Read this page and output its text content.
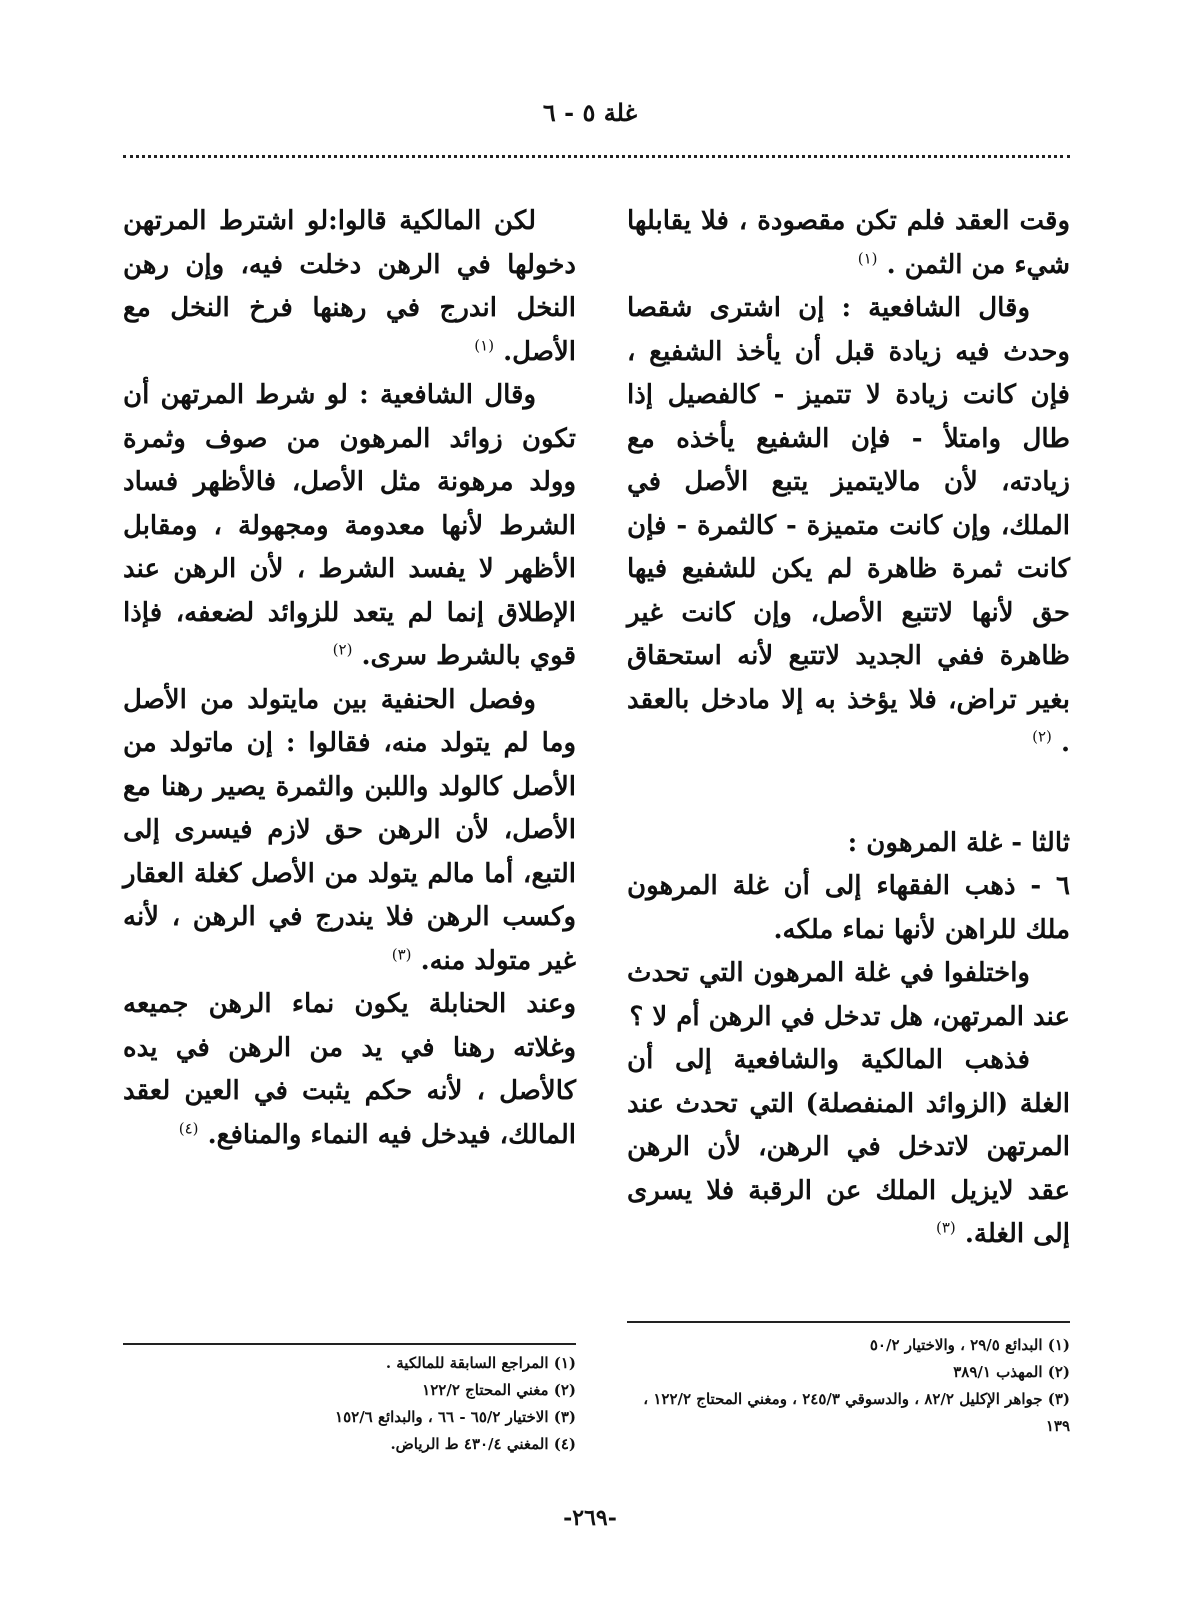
غلة ٥ - ٦

وقت العقد فلم تكن مقصودة ، فلا يقابلها شيء من الثمن . $^{(١)}$

وقال الشافعية : إن اشترى شقصا وحدث فيه زيادة قبل أن يأخذ الشفيع ، فإن كانت زيادة لا تتميز - كالفصيل إذا طال وامتلأ - فإن الشفيع يأخذه مع زيادته، لأن مالايتميز يتبع الأصل في الملك، وإن كانت متميزة - كالثمرة - فإن كانت ثمرة ظاهرة لم يكن للشفيع فيها حق لأنها لاتتبع الأصل، وإن كانت غير ظاهرة ففي الجديد لاتتبع لأنه استحقاق بغير تراض، فلا يؤخذ به إلا مادخل بالعقد . $^{(٢)}$

ثالثا - غلة المرهون :

٦ - ذهب الفقهاء إلى أن غلة المرهون ملك للراهن لأنها نماء ملكه.

واختلفوا في غلة المرهون التي تحدث عند المرتهن، هل تدخل في الرهن أم لا ؟

فذهب المالكية والشافعية إلى أن الغلة (الزوائد المنفصلة) التي تحدث عند المرتهن لاتدخل في الرهن، لأن الرهن عقد لايزيل الملك عن الرقبة فلا يسرى إلى الغلة. $^{(٣)}$

لكن المالكية قالوا:لو اشترط المرتهن دخولها في الرهن دخلت فيه، وإن رهن النخل اندرج في رهنها فرخ النخل مع الأصل. $^{(١)}$

وقال الشافعية : لو شرط المرتهن أن تكون زوائد المرهون من صوف وثمرة وولد مرهونة مثل الأصل، فالأظهر فساد الشرط لأنها معدومة ومجهولة ، ومقابل الأظهر لا يفسد الشرط ، لأن الرهن عند الإطلاق إنما لم يتعد للزوائد لضعفه، فإذا قوي بالشرط سرى. $^{(٢)}$

وفصل الحنفية بين مايتولد من الأصل وما لم يتولد منه، فقالوا : إن ماتولد من الأصل كالولد واللبن والثمرة يصير رهنا مع الأصل، لأن الرهن حق لازم فيسرى إلى التبع، أما مالم يتولد من الأصل كغلة العقار وكسب الرهن فلا يندرج في الرهن ، لأنه غير متولد منه. $^{(٣)}$

وعند الحنابلة يكون نماء الرهن جميعه وغلاته رهنا في يد من الرهن في يده كالأصل ، لأنه حكم يثبت في العين لعقد المالك، فيدخل فيه النماء والمنافع. $^{(٤)}$

(١) البدائع ٢٩/٥ ، والاختيار ٥٠/٢

(٢) المهذب ٣٨٩/١

(٣) جواهر الإكليل ٨٢/٢ ، والدسوقي ٢٤٥/٣ ، ومغني المحتاج ١٢٢/٢ ، ١٣٩

(١) المراجع السابقة للمالكية .

(٢) مغني المحتاج ١٢٢/٢

(٣) الاختيار ٦٥/٢ - ٦٦ ، والبدائع ١٥٢/٦

(٤) المغني ٤٣٠/٤ ط الرياض.

-٢٦٩-
